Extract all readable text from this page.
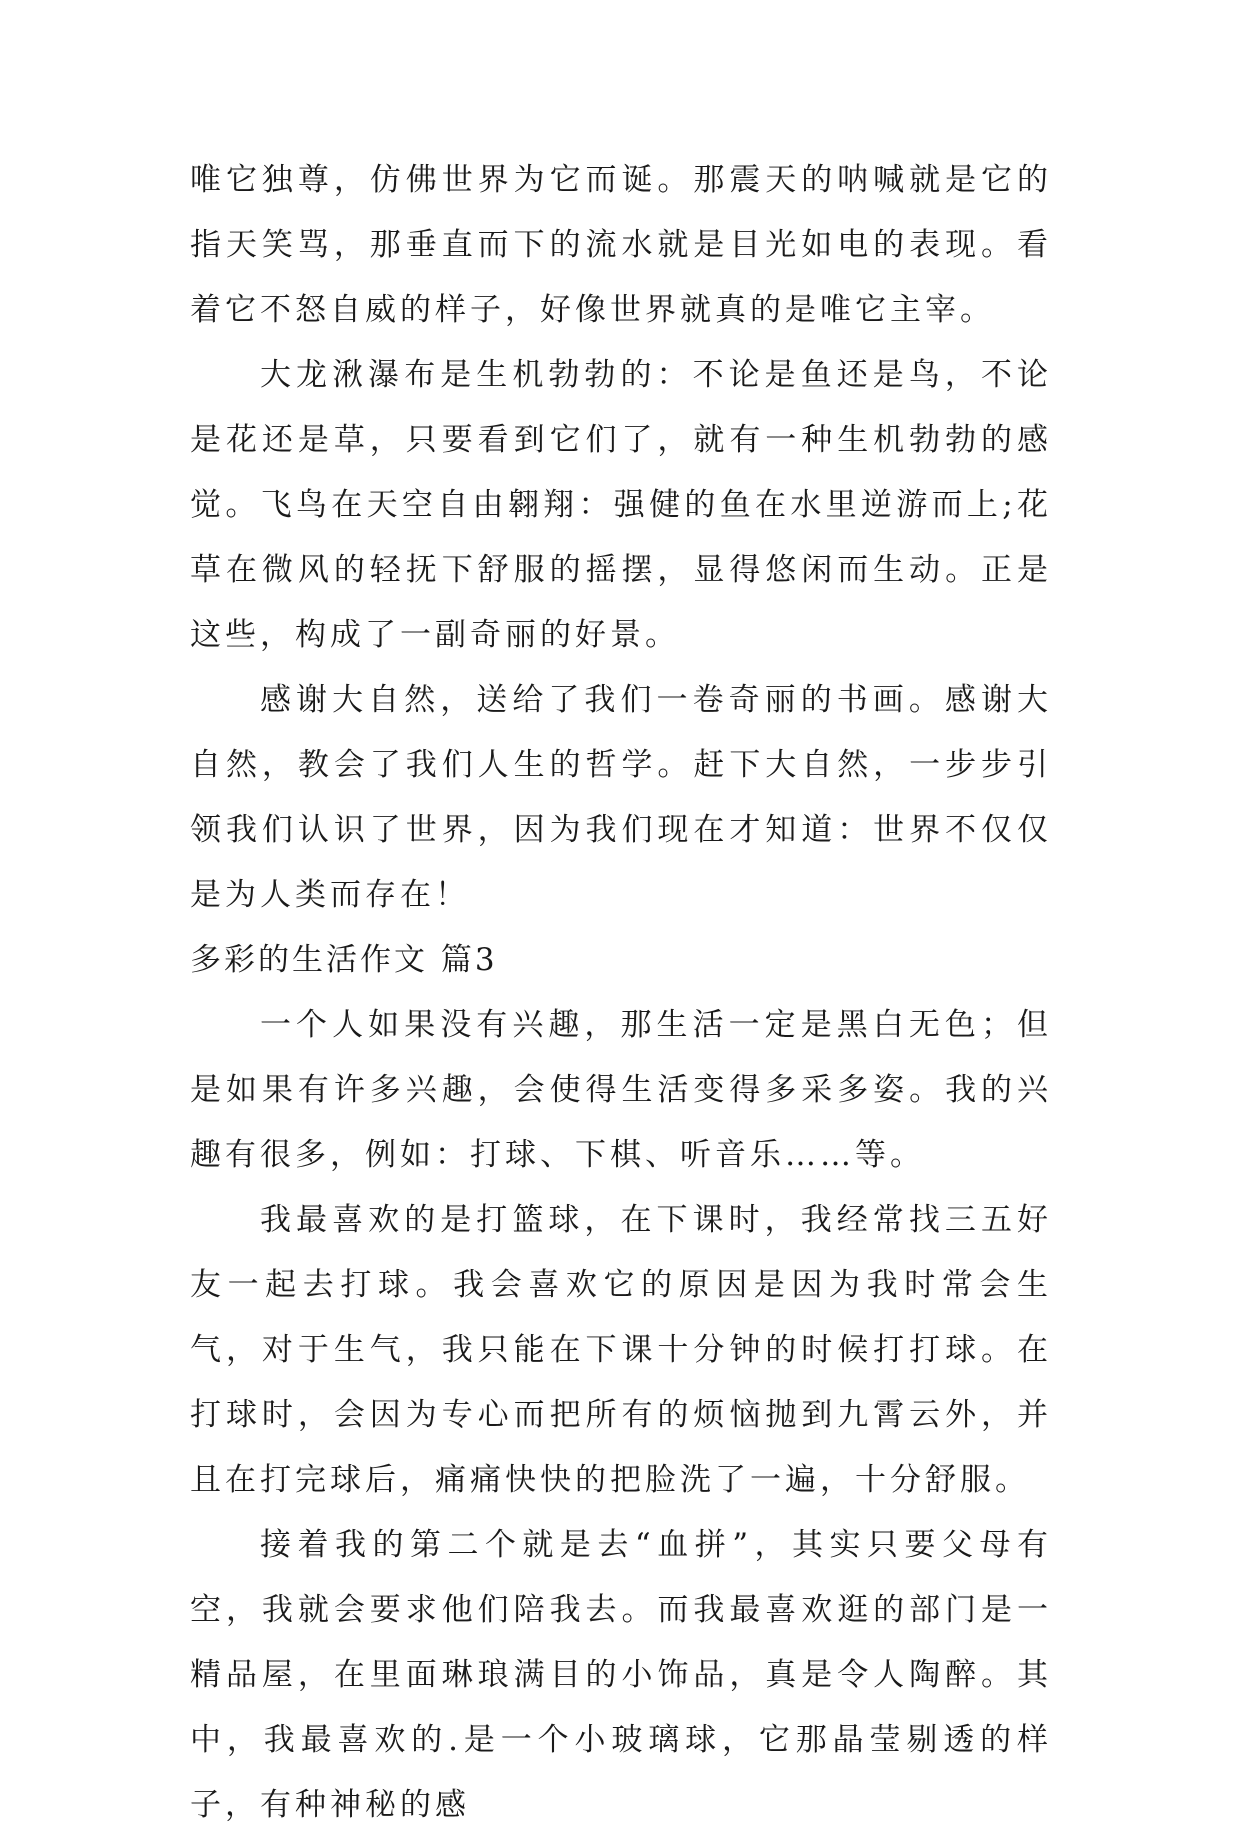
唯它独尊，仿佛世界为它而诞。那震天的呐喊就是它的指天笑骂，那垂直而下的流水就是目光如电的表现。看着它不怒自威的样子，好像世界就真的是唯它主宰。

大龙湫瀑布是生机勃勃的：不论是鱼还是鸟，不论是花还是草，只要看到它们了，就有一种生机勃勃的感觉。飞鸟在天空自由翱翔：强健的鱼在水里逆游而上;花草在微风的轻抚下舒服的摇摆，显得悠闲而生动。正是这些，构成了一副奇丽的好景。

感谢大自然，送给了我们一卷奇丽的书画。感谢大自然，教会了我们人生的哲学。赶下大自然，一步步引领我们认识了世界，因为我们现在才知道：世界不仅仅是为人类而存在！

多彩的生活作文 篇3

一个人如果没有兴趣，那生活一定是黑白无色；但是如果有许多兴趣，会使得生活变得多采多姿。我的兴趣有很多，例如：打球、下棋、听音乐……等。

我最喜欢的是打篮球，在下课时，我经常找三五好友一起去打球。我会喜欢它的原因是因为我时常会生气，对于生气，我只能在下课十分钟的时候打打球。在打球时，会因为专心而把所有的烦恼抛到九霄云外，并且在打完球后，痛痛快快的把脸洗了一遍，十分舒服。

接着我的第二个就是去“血拼”，其实只要父母有空，我就会要求他们陪我去。而我最喜欢逛的部门是一精品屋，在里面琳琅满目的小饰品，真是令人陶醉。其中，我最喜欢的.是一个小玻璃球，它那晶莹剔透的样子，有种神秘的感
